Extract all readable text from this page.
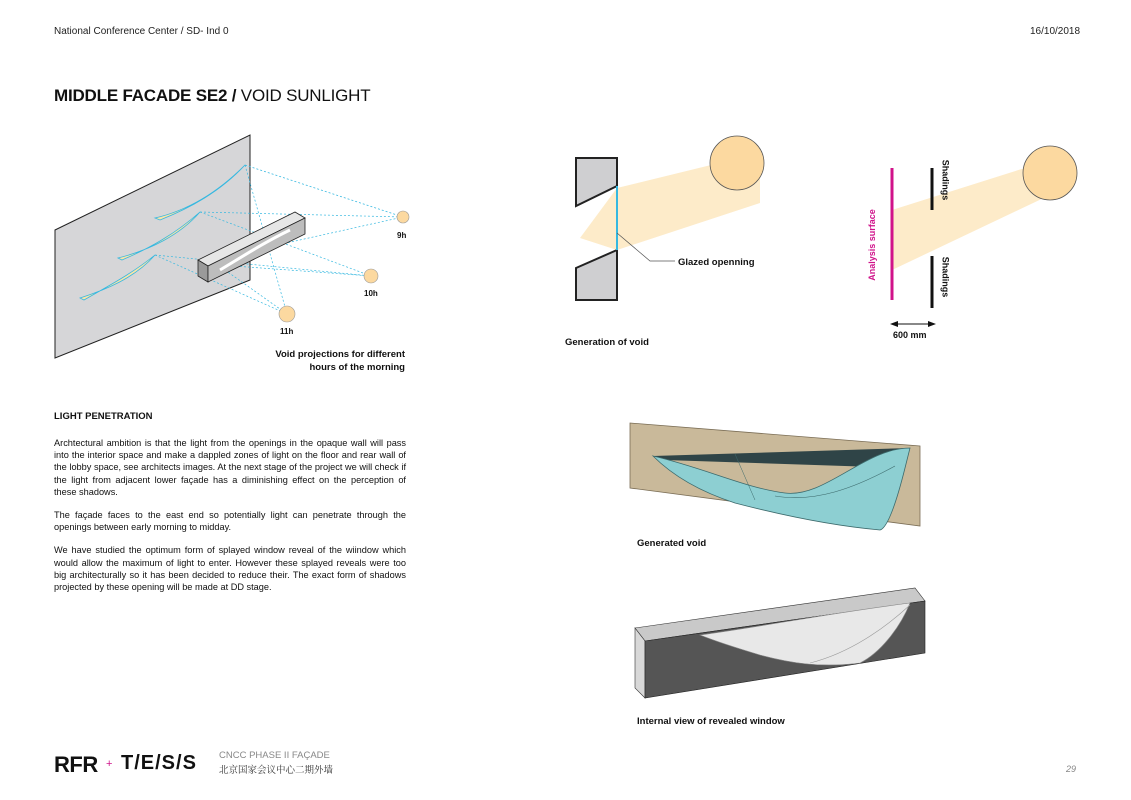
National Conference Center / SD- Ind 0	16/10/2018
MIDDLE FACADE SE2 / VOID SUNLIGHT
9h
10h
11h
Void projections for different
hours of the morning
Glazed openning
Generation of void
Analysis surface
Shadings
Shadings
600 mm
LIGHT PENETRATION

Archtectural ambition is that the light from the openings in the opaque wall will pass into the interior space and make a dappled zones of light on the floor and rear wall of the lobby space, see architects images. At the next stage of the project we will check if the light from adjacent lower façade has a diminishing effect on the perception of these shadows.

The façade faces to the east end so potentially light can penetrate through the openings between early morning to midday.

We have studied the optimum form of splayed window reveal of the wiindow which would allow the maximum of light to enter. However these splayed reveals were too big architecturally so it has been decided to reduce their. The exact form of shadows projected by these opening will be made at DD stage.

Generated void
Internal view of revealed window
RFR + T/E/S/S CNCC PHASE II FAÇADE
北京国家会议中心二期外墙	29
